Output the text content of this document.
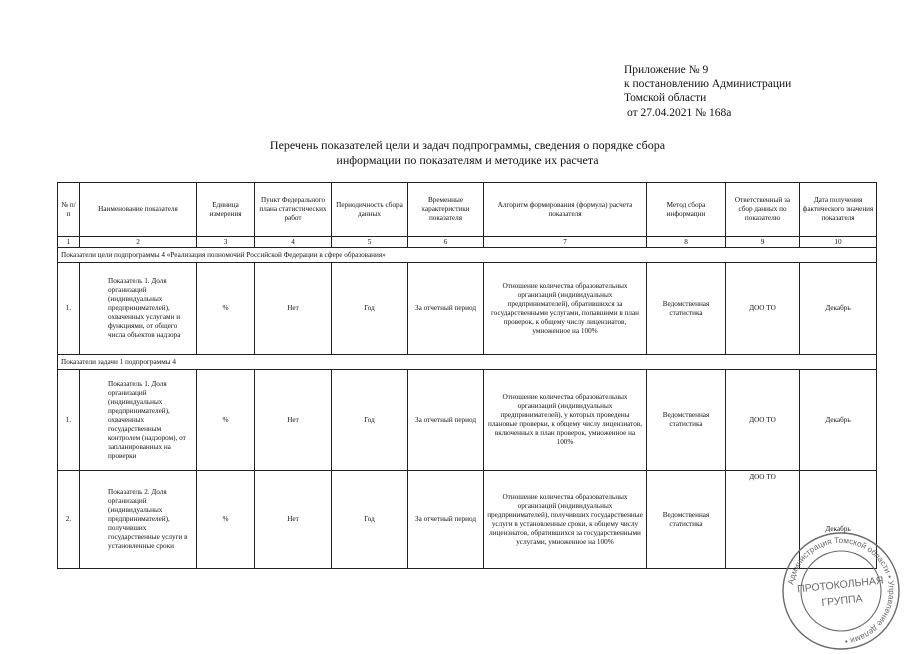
Приложение № 9
к постановлению Администрации
Томской области
от 27.04.2021 № 168а
Перечень показателей цели и задач подпрограммы, сведения о порядке сбора
информации по показателям и методике их расчета
№ п/п	Наименование показателя	Единица измерения	Пункт Федерального плана статистических работ	Периодичность сбора данных	Временные характеристики показателя	Алгоритм формирования (формула) расчета показателя	Метод сбора информации	Ответственный за сбор данных по показателю	Дата получения фактического значения показателя
1	2	3	4	5	6	7	8	9	10
Показатели цели подпрограммы 4 «Реализация полномочий Российской Федерации в сфере образования»									
1.	Показатель 1. Доля организаций (индивидуальных предпринимателей), охваченных услугами и функциями, от общего числа объектов надзора	%	Нет	Год	За отчетный период	Отношение количества образовательных организаций (индивидуальных предпринимателей), обратившихся за государственными услугами, попавшими в план проверок, к общему числу лицензиатов, умноженное на 100%	Ведомственная статистика	ДОО ТО	Декабрь
Показатели задачи 1 подпрограммы 4									
1.	Показатель 1. Доля организаций (индивидуальных предпринимателей), охваченных государственным контролем (надзором), от запланированных на проверки	%	Нет	Год	За отчетный период	Отношение количества образовательных организаций (индивидуальных предпринимателей), у которых проведены плановые проверки, к общему числу лицензиатов, включенных в план проверок, умноженное на 100%	Ведомственная статистика	ДОО ТО	Декабрь
2.	Показатель 2. Доля организаций (индивидуальных предпринимателей), получивших государственные услуги в установленные сроки	%	Нет	Год	За отчетный период	Отношение количества образовательных организаций (индивидуальных предпринимателей), получивших государственные услуги в установленные сроки, к общему числу лицензиатов, обратившихся за государственными услугами, умноженное на 100%	Ведомственная статистика	ДОО ТО	Декабрь
Администрация Томской области • Управление делами •
ПРОТОКОЛЬНАЯ
ГРУППА
